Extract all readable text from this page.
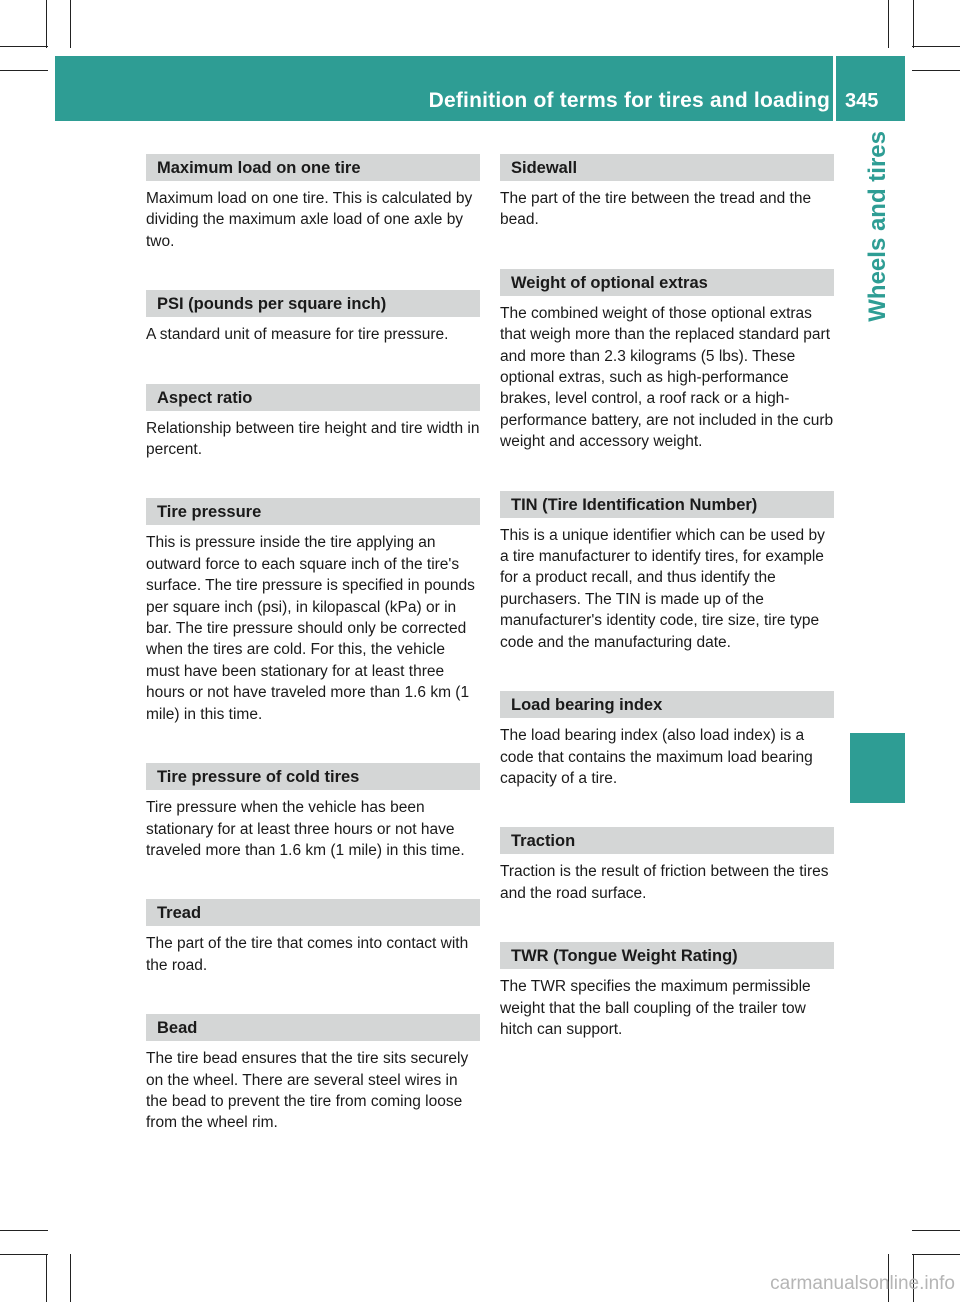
Definition of terms for tires and loading 345
Wheels and tires
Maximum load on one tire
Maximum load on one tire. This is calculated by dividing the maximum axle load of one axle by two.
PSI (pounds per square inch)
A standard unit of measure for tire pressure.
Aspect ratio
Relationship between tire height and tire width in percent.
Tire pressure
This is pressure inside the tire applying an outward force to each square inch of the tire's surface. The tire pressure is specified in pounds per square inch (psi), in kilopascal (kPa) or in bar. The tire pressure should only be corrected when the tires are cold. For this, the vehicle must have been stationary for at least three hours or not have traveled more than 1.6 km (1 mile) in this time.
Tire pressure of cold tires
Tire pressure when the vehicle has been stationary for at least three hours or not have traveled more than 1.6 km (1 mile) in this time.
Tread
The part of the tire that comes into contact with the road.
Bead
The tire bead ensures that the tire sits securely on the wheel. There are several steel wires in the bead to prevent the tire from coming loose from the wheel rim.
Sidewall
The part of the tire between the tread and the bead.
Weight of optional extras
The combined weight of those optional extras that weigh more than the replaced standard part and more than 2.3 kilograms (5 lbs). These optional extras, such as high-performance brakes, level control, a roof rack or a high-performance battery, are not included in the curb weight and accessory weight.
TIN (Tire Identification Number)
This is a unique identifier which can be used by a tire manufacturer to identify tires, for example for a product recall, and thus identify the purchasers. The TIN is made up of the manufacturer's identity code, tire size, tire type code and the manufacturing date.
Load bearing index
The load bearing index (also load index) is a code that contains the maximum load bearing capacity of a tire.
Traction
Traction is the result of friction between the tires and the road surface.
TWR (Tongue Weight Rating)
The TWR specifies the maximum permissible weight that the ball coupling of the trailer tow hitch can support.
carmanualsonline.info
